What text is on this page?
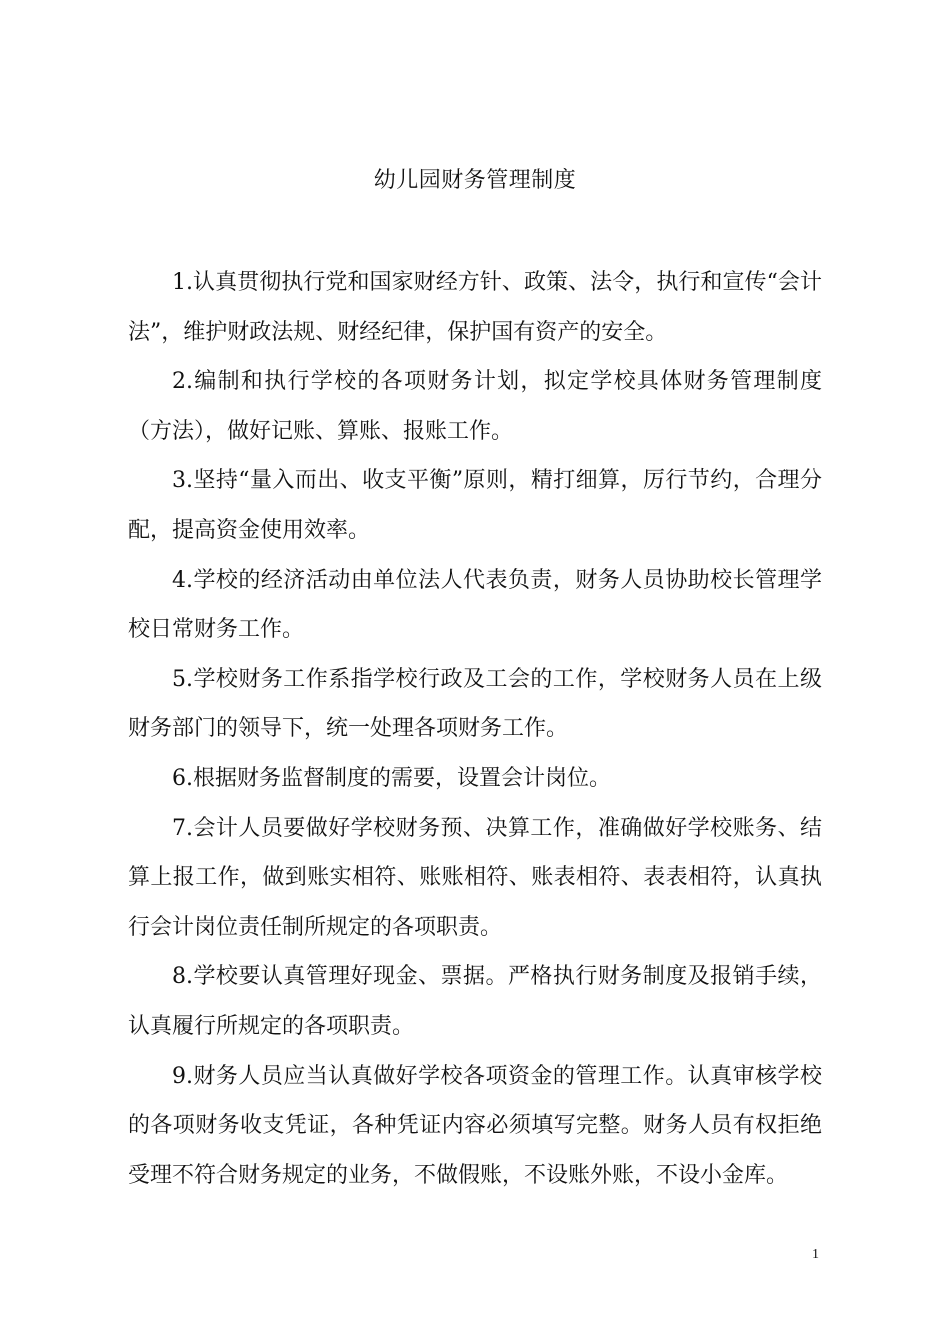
幼儿园财务管理制度

1.认真贯彻执行党和国家财经方针、政策、法令，执行和宣传“会计法”，维护财政法规、财经纪律，保护国有资产的安全。

2.编制和执行学校的各项财务计划，拟定学校具体财务管理制度（方法），做好记账、算账、报账工作。

3.坚持“量入而出、收支平衡”原则，精打细算，厉行节约，合理分配，提高资金使用效率。

4.学校的经济活动由单位法人代表负责，财务人员协助校长管理学校日常财务工作。

5.学校财务工作系指学校行政及工会的工作，学校财务人员在上级财务部门的领导下，统一处理各项财务工作。

6.根据财务监督制度的需要，设置会计岗位。

7.会计人员要做好学校财务预、决算工作，准确做好学校账务、结算上报工作，做到账实相符、账账相符、账表相符、表表相符，认真执行会计岗位责任制所规定的各项职责。

8.学校要认真管理好现金、票据。严格执行财务制度及报销手续，认真履行所规定的各项职责。

9.财务人员应当认真做好学校各项资金的管理工作。认真审核学校的各项财务收支凭证，各种凭证内容必须填写完整。财务人员有权拒绝受理不符合财务规定的业务，不做假账，不设账外账，不设小金库。

1
